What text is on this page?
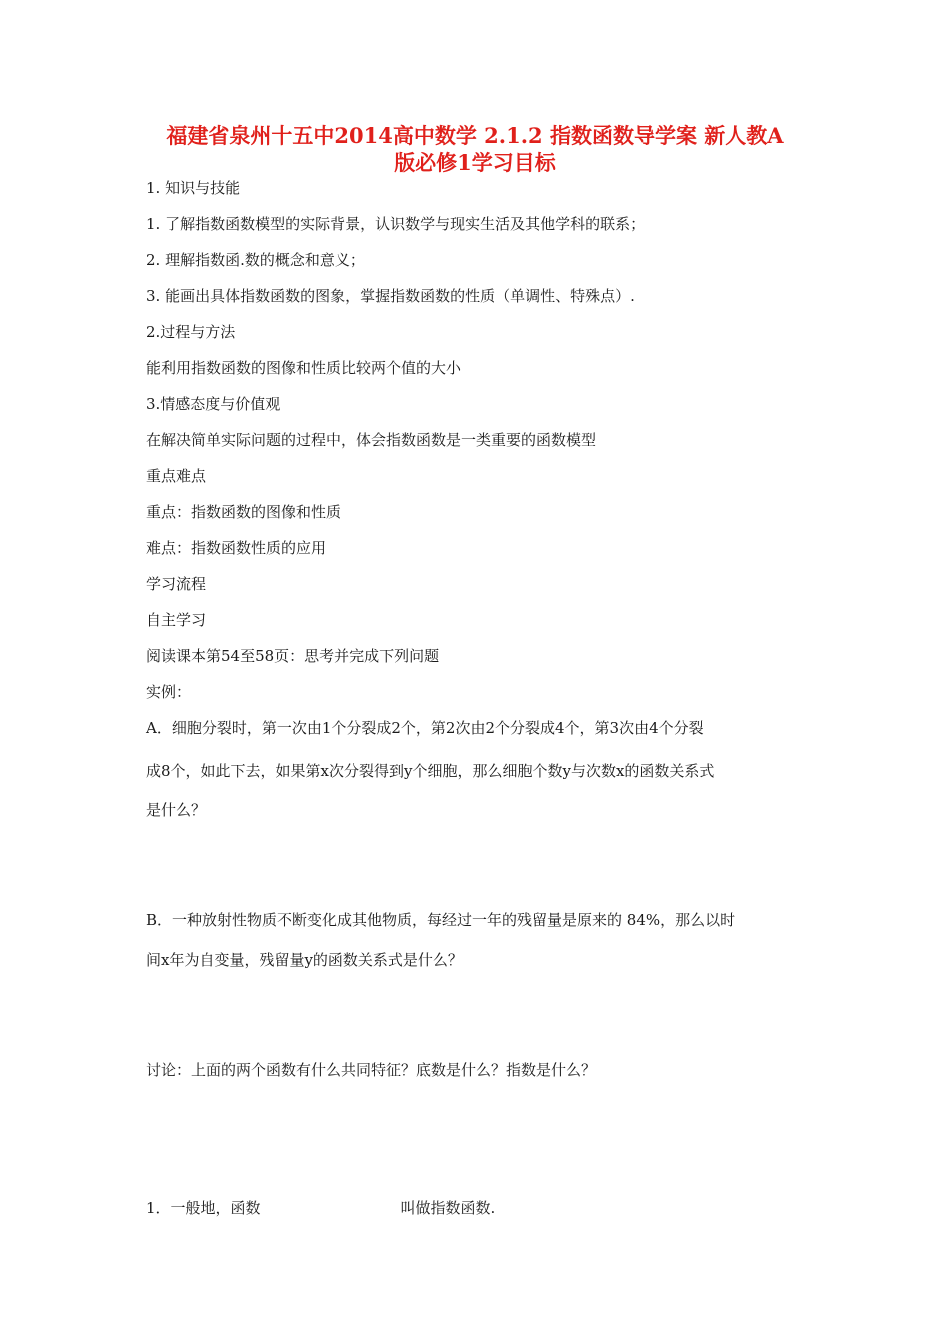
福建省泉州十五中2014高中数学 2.1.2 指数函数导学案 新人教A
版必修1学习目标
1. 知识与技能
1. 了解指数函数模型的实际背景，认识数学与现实生活及其他学科的联系；
2. 理解指数函.数的概念和意义；
3. 能画出具体指数函数的图象，掌握指数函数的性质（单调性、特殊点）.
2.过程与方法
能利用指数函数的图像和性质比较两个值的大小
3.情感态度与价值观
在解决简单实际问题的过程中，体会指数函数是一类重要的函数模型
重点难点
重点：指数函数的图像和性质
难点：指数函数性质的应用
学习流程
自主学习
阅读课本第54至58页：思考并完成下列问题
实例：
A．细胞分裂时，第一次由1个分裂成2个，第2次由2个分裂成4个，第3次由4个分裂
成8个，如此下去，如果第x次分裂得到y个细胞，那么细胞个数y与次数x的函数关系式
是什么？
B．一种放射性物质不断变化成其他物质，每经过一年的残留量是原来的 84%，那么以时
间x年为自变量，残留量y的函数关系式是什么？
讨论：上面的两个函数有什么共同特征？底数是什么？指数是什么？
1．一般地，函数	叫做指数函数.
